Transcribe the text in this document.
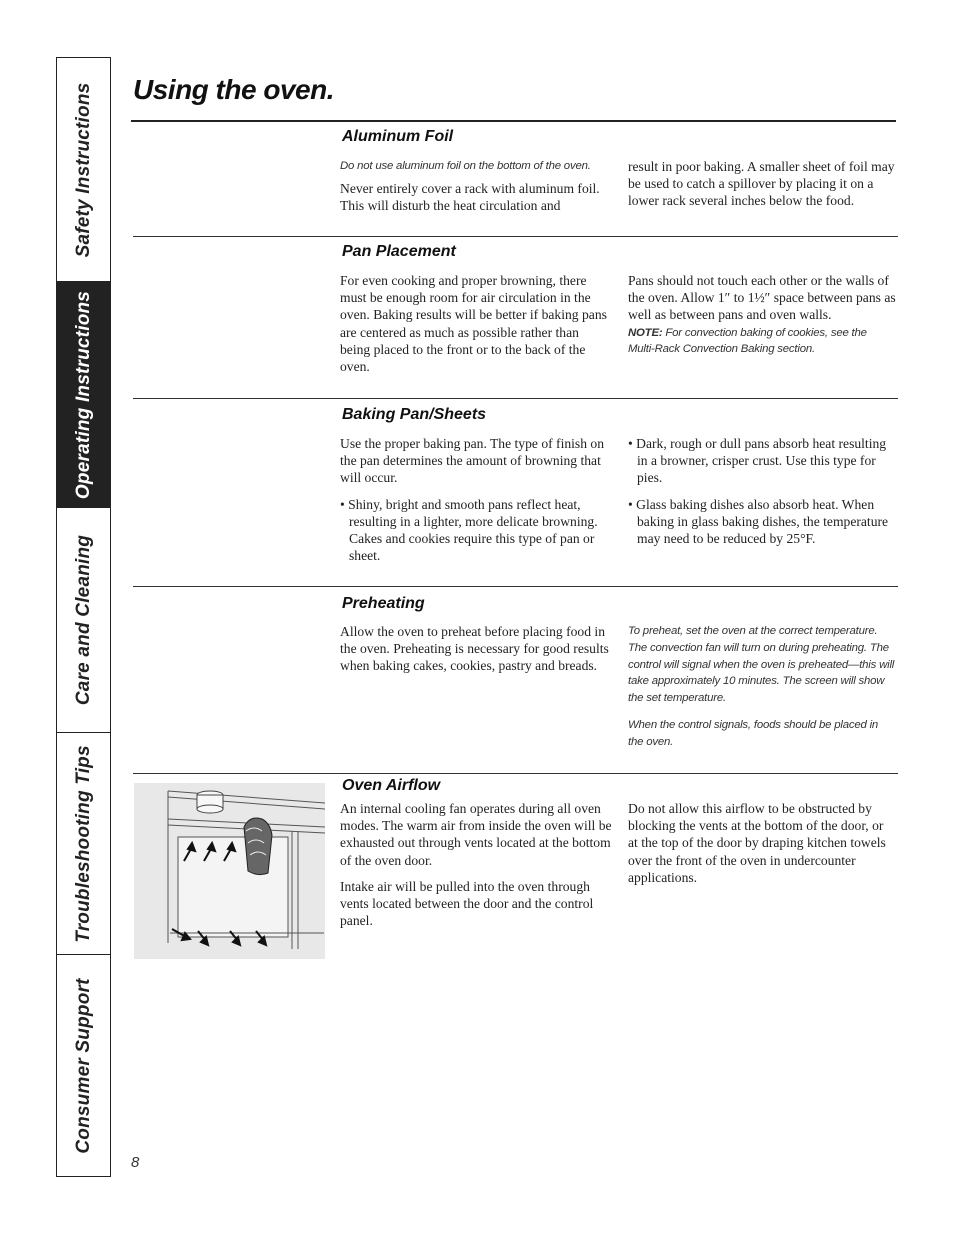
Safety Instructions
Operating Instructions
Care and Cleaning
Troubleshooting Tips
Consumer Support
Using the oven.
Aluminum Foil

Do not use aluminum foil on the bottom of the oven.

Never entirely cover a rack with aluminum foil. This will disturb the heat circulation and

result in poor baking. A smaller sheet of foil may be used to catch a spillover by placing it on a lower rack several inches below the food.

Pan Placement

For even cooking and proper browning, there must be enough room for air circulation in the oven. Baking results will be better if baking pans are centered as much as possible rather than being placed to the front or to the back of the oven.

Pans should not touch each other or the walls of the oven. Allow 1″ to 1½″ space between pans as well as between pans and oven walls.

NOTE: For convection baking of cookies, see the Multi-Rack Convection Baking section.

Baking Pan/Sheets

Use the proper baking pan. The type of finish on the pan determines the amount of browning that will occur.

• Shiny, bright and smooth pans reflect heat, resulting in a lighter, more delicate browning. Cakes and cookies require this type of pan or sheet.

• Dark, rough or dull pans absorb heat resulting in a browner, crisper crust. Use this type for pies.

• Glass baking dishes also absorb heat. When baking in glass baking dishes, the temperature may need to be reduced by 25°F.

Preheating

Allow the oven to preheat before placing food in the oven. Preheating is necessary for good results when baking cakes, cookies, pastry and breads.

To preheat, set the oven at the correct temperature. The convection fan will turn on during preheating. The control will signal when the oven is preheated—this will take approximately 10 minutes. The screen will show the set temperature.

When the control signals, foods should be placed in the oven.

Oven Airflow

An internal cooling fan operates during all oven modes. The warm air from inside the oven will be exhausted out through vents located at the bottom of the oven door.

Intake air will be pulled into the oven through vents located between the door and the control panel.

Do not allow this airflow to be obstructed by blocking the vents at the bottom of the door, or at the top of the door by draping kitchen towels over the front of the oven in undercounter applications.

8
